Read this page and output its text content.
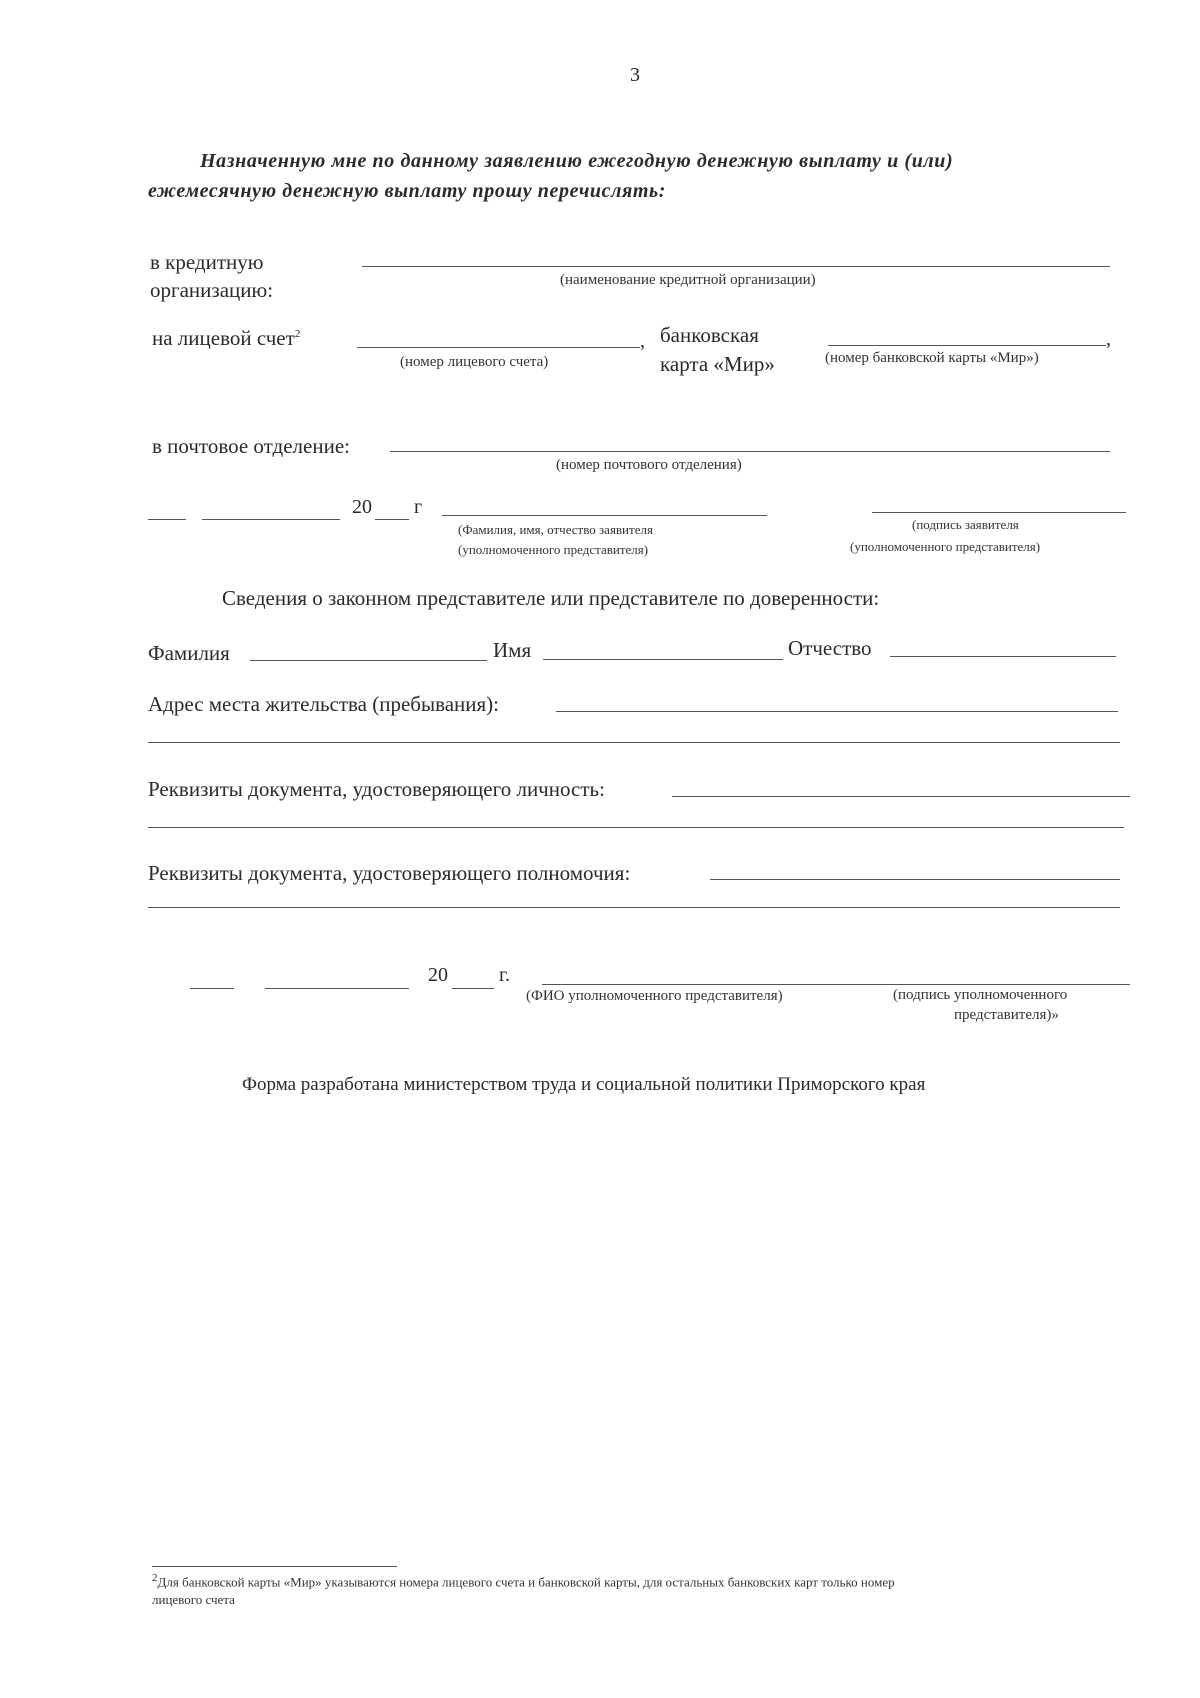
3
Назначенную мне по данному заявлению ежегодную денежную выплату и (или)
ежемесячную денежную выплату прошу перечислять:
в кредитную
организацию:	(наименование кредитной организации)
на лицевой счет$^2$	,
(номер лицевого счета)
банковская
карта «Мир»
,
(номер банковской карты «Мир»)
в почтовое отделение:
(номер почтового отделения)
20 г
(Фамилия, имя, отчество заявителя
(уполномоченного представителя)
(подпись заявителя
(уполномоченного представителя)
Сведения о законном представителе или представителе по доверенности:
Фамилия	Имя	Отчество
Адрес места жительства (пребывания):
Реквизиты документа, удостоверяющего личность:
Реквизиты документа, удостоверяющего полномочия:
20	г.
(ФИО уполномоченного представителя)	(подпись уполномоченного
представителя)»
Форма разработана министерством труда и социальной политики Приморского края
$^2$Для банковской карты «Мир» указываются номера лицевого счета и банковской карты, для остальных банковских карт только номер
лицевого счета
